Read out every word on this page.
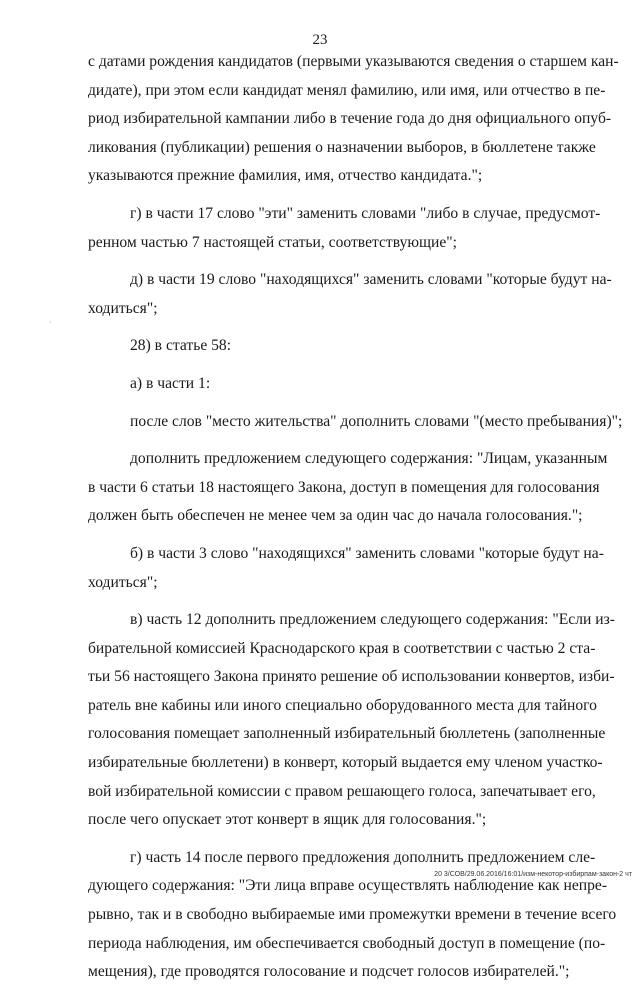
23
·
с датами рождения кандидатов (первыми указываются сведения о старшем кан-
дидате), при этом если кандидат менял фамилию, или имя, или отчество в пе-
риод избирательной кампании либо в течение года до дня официального опуб-
ликования (публикации) решения о назначении выборов, в бюллетене также
указываются прежние фамилия, имя, отчество кандидата.";
г) в части 17 слово "эти" заменить словами "либо в случае, предусмот-
ренном частью 7 настоящей статьи, соответствующие";
д) в части 19 слово "находящихся" заменить словами "которые будут на-
ходиться";
28) в статье 58:
а) в части 1:
после слов "место жительства" дополнить словами "(место пребывания)";
дополнить предложением следующего содержания: "Лицам, указанным
в части 6 статьи 18 настоящего Закона, доступ в помещения для голосования
должен быть обеспечен не менее чем за один час до начала голосования.";
б) в части 3 слово "находящихся" заменить словами "которые будут на-
ходиться";
в) часть 12 дополнить предложением следующего содержания: "Если из-
бирательной комиссией Краснодарского края в соответствии с частью 2 ста-
тьи 56 настоящего Закона принято решение об использовании конвертов, изби-
ратель вне кабины или иного специально оборудованного места для тайного
голосования помещает заполненный избирательный бюллетень (заполненные
избирательные бюллетени) в конверт, который выдается ему членом участко-
вой избирательной комиссии с правом решающего голоса, запечатывает его,
после чего опускает этот конверт в ящик для голосования.";
г) часть 14 после первого предложения дополнить предложением сле-
дующего содержания: "Эти лица вправе осуществлять наблюдение как непре-
рывно, так и в свободно выбираемые ими промежутки времени в течение всего
периода наблюдения, им обеспечивается свободный доступ в помещение (по-
мещения), где проводятся голосование и подсчет голосов избирателей.";
20 3/СОВ/29.06.2016/16:01/изм-некотор-избирпам-закон-2 чт
